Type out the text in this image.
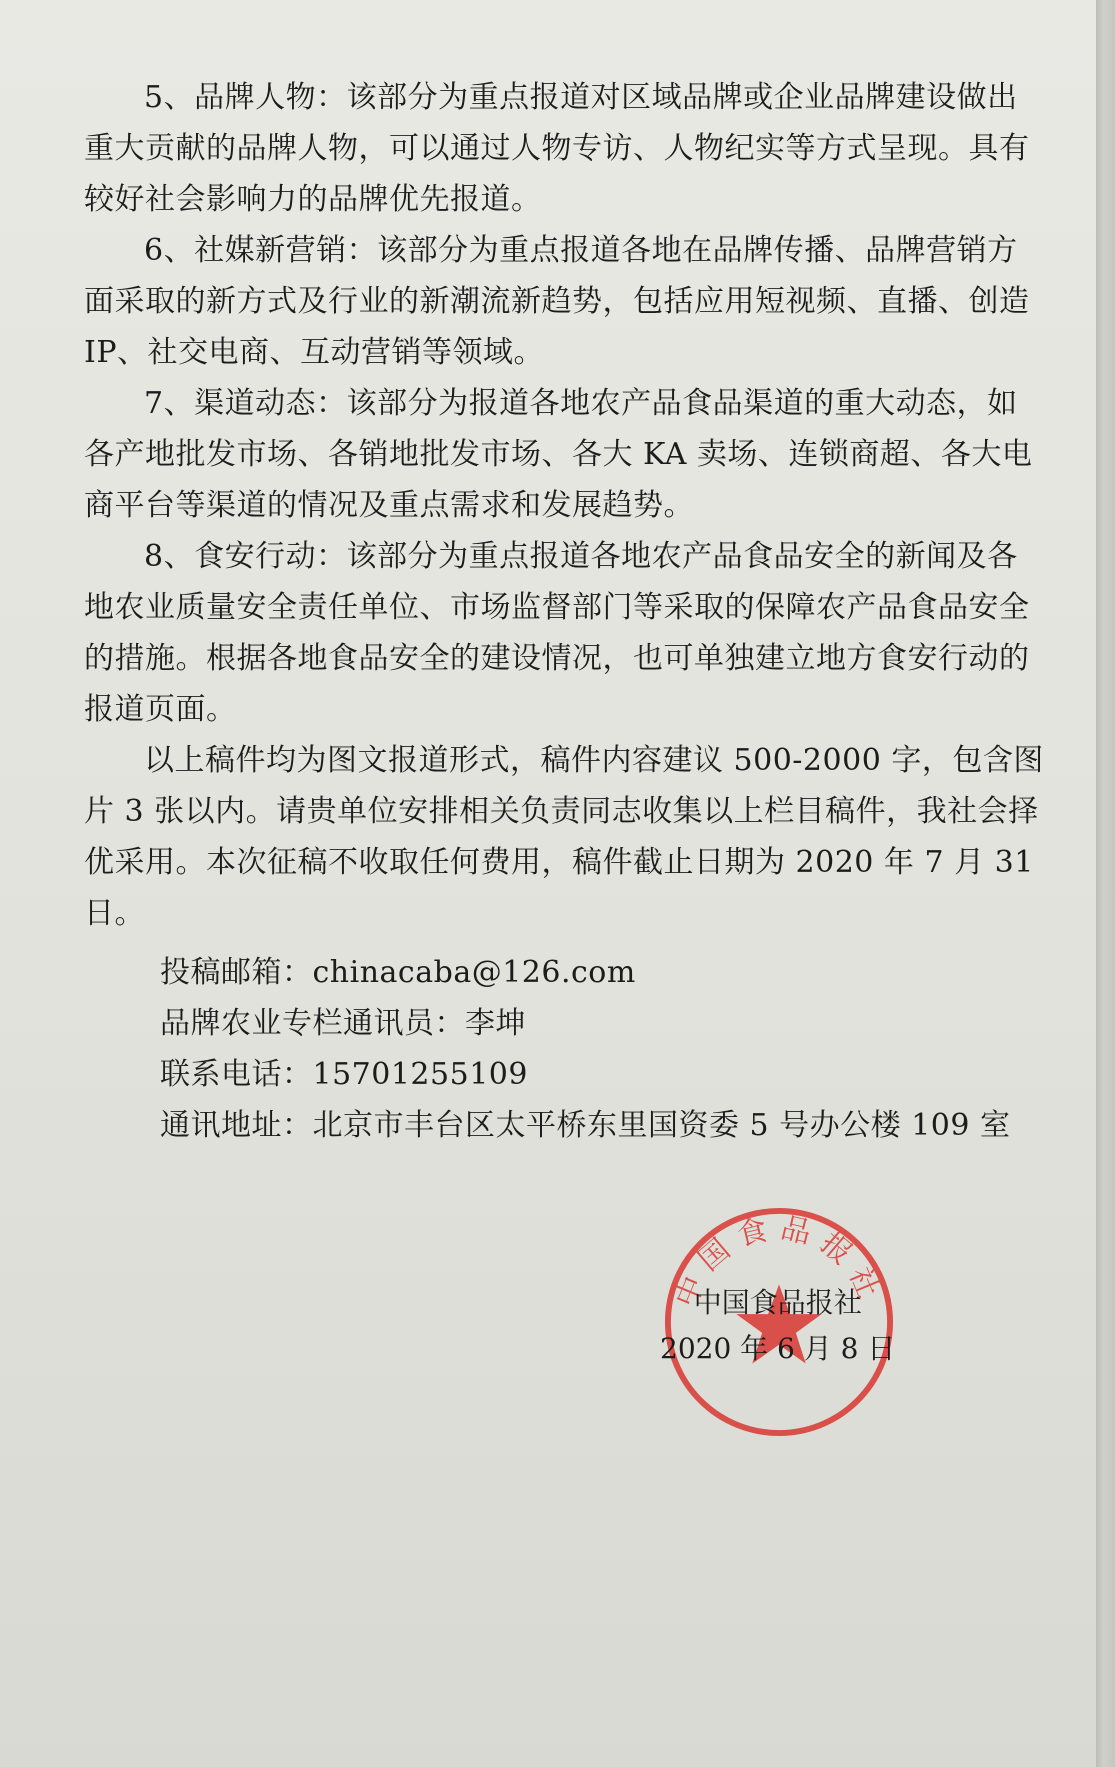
5、品牌人物：该部分为重点报道对区域品牌或企业品牌建设做出重大贡献的品牌人物，可以通过人物专访、人物纪实等方式呈现。具有较好社会影响力的品牌优先报道。

6、社媒新营销：该部分为重点报道各地在品牌传播、品牌营销方面采取的新方式及行业的新潮流新趋势，包括应用短视频、直播、创造 IP、社交电商、互动营销等领域。

7、渠道动态：该部分为报道各地农产品食品渠道的重大动态，如各产地批发市场、各销地批发市场、各大 KA 卖场、连锁商超、各大电商平台等渠道的情况及重点需求和发展趋势。

8、食安行动：该部分为重点报道各地农产品食品安全的新闻及各地农业质量安全责任单位、市场监督部门等采取的保障农产品食品安全的措施。根据各地食品安全的建设情况，也可单独建立地方食安行动的报道页面。

以上稿件均为图文报道形式，稿件内容建议 500-2000 字，包含图片 3 张以内。请贵单位安排相关负责同志收集以上栏目稿件，我社会择优采用。本次征稿不收取任何费用，稿件截止日期为 2020 年 7 月 31 日。

投稿邮箱：chinacaba@126.com

品牌农业专栏通讯员：李坤

联系电话：15701255109

通讯地址：北京市丰台区太平桥东里国资委 5 号办公楼 109 室

中国食品报社
中国食品报社
2020 年 6 月 8 日
